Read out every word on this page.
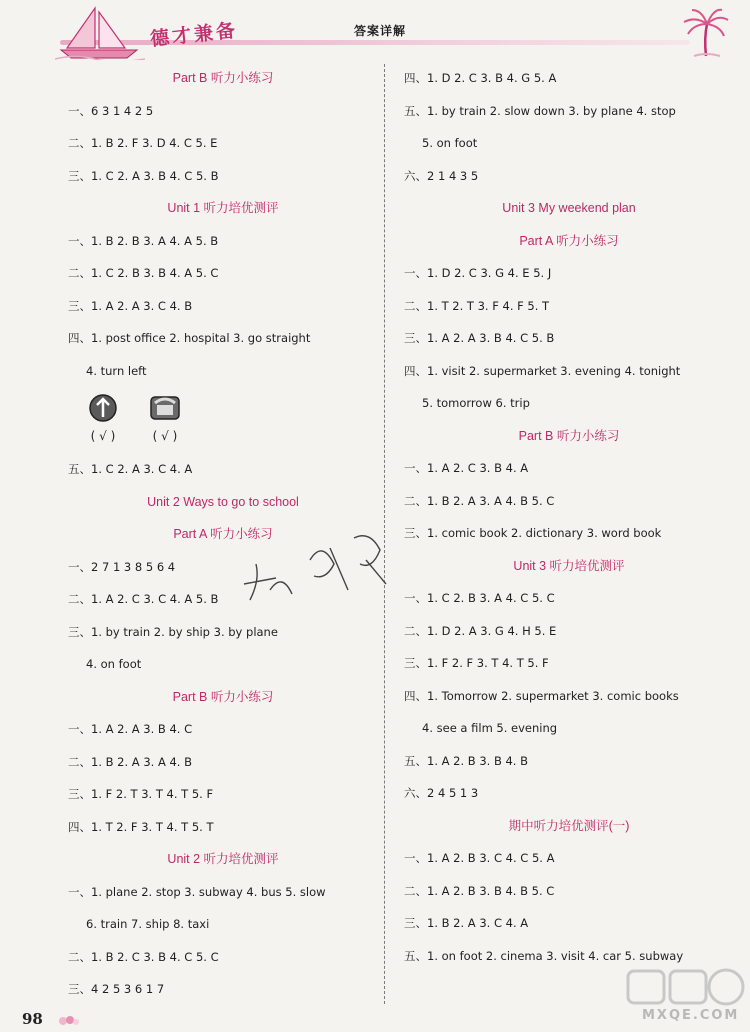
德才兼备	答案详解
Part B 听力小练习
一、6 3 1 4 2 5
二、1. B 2. F 3. D 4. C 5. E
三、1. C 2. A 3. B 4. C 5. B
Unit 1 听力培优测评
一、1. B 2. B 3. A 4. A 5. B
二、1. C 2. B 3. B 4. A 5. C
三、1. A 2. A 3. C 4. B
四、1. post office 2. hospital 3. go straight
4. turn left
( √ )	( √ )
五、1. C 2. A 3. C 4. A
Unit 2 Ways to go to school
Part A 听力小练习
一、2 7 1 3 8 5 6 4
二、1. A 2. C 3. C 4. A 5. B
三、1. by train 2. by ship 3. by plane
4. on foot
Part B 听力小练习
一、1. A 2. A 3. B 4. C
二、1. B 2. A 3. A 4. B
三、1. F 2. T 3. T 4. T 5. F
四、1. T 2. F 3. T 4. T 5. T
Unit 2 听力培优测评
一、1. plane 2. stop 3. subway 4. bus 5. slow
6. train 7. ship 8. taxi
二、1. B 2. C 3. B 4. C 5. C
三、4 2 5 3 6 1 7
四、1. D 2. C 3. B 4. G 5. A
五、1. by train 2. slow down 3. by plane 4. stop
5. on foot
六、2 1 4 3 5
Unit 3 My weekend plan
Part A 听力小练习
一、1. D 2. C 3. G 4. E 5. J
二、1. T 2. T 3. F 4. F 5. T
三、1. A 2. A 3. B 4. C 5. B
四、1. visit 2. supermarket 3. evening 4. tonight
5. tomorrow 6. trip
Part B 听力小练习
一、1. A 2. C 3. B 4. A
二、1. B 2. A 3. A 4. B 5. C
三、1. comic book 2. dictionary 3. word book
Unit 3 听力培优测评
一、1. C 2. B 3. A 4. C 5. C
二、1. D 2. A 3. G 4. H 5. E
三、1. F 2. F 3. T 4. T 5. F
四、1. Tomorrow 2. supermarket 3. comic books
4. see a film 5. evening
五、1. A 2. B 3. B 4. B
六、2 4 5 1 3
期中听力培优测评(一)
一、1. A 2. B 3. C 4. C 5. A
二、1. A 2. B 3. B 4. B 5. C
三、1. B 2. A 3. C 4. A
五、1. on foot 2. cinema 3. visit 4. car 5. subway
MXQE.COM
98
